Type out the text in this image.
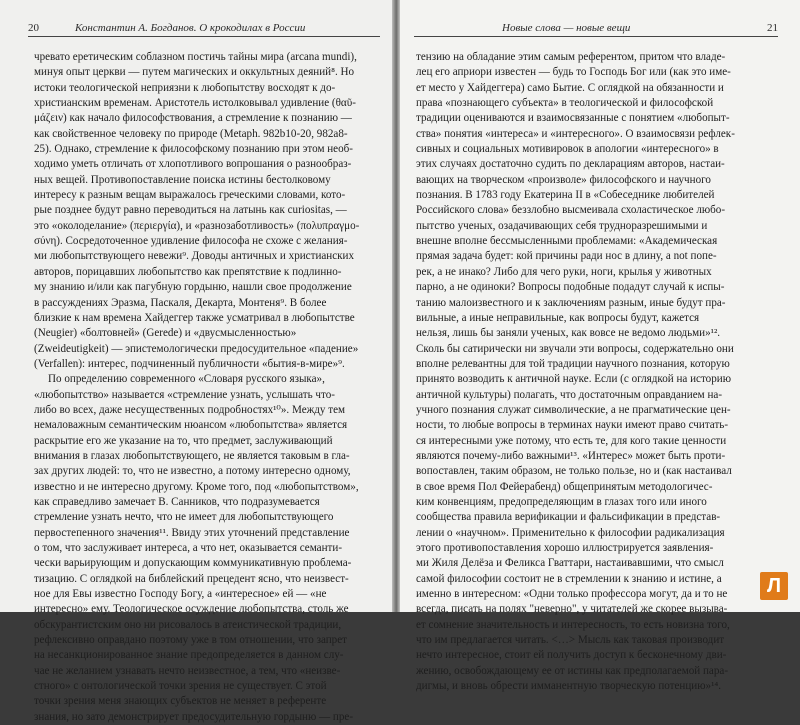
20	Константин А. Богданов. О крокодилах в России
чревато еретическим соблазном постичь тайны мира (arcana mundi),
минуя опыт церкви — путем магических и оккультных деяний⁸. Но
истоки теологической неприязни к любопытству восходят к до-
христианским временам. Аристотель истолковывал удивление (θαῦ-
μάζειν) как начало философствования, а стремление к познанию —
как свойственное человеку по природе (Metaph. 982b10-20, 982a8-
25). Однако, стремление к философскому познанию при этом необ-
ходимо уметь отличать от хлопотливого вопрошания о разнообраз-
ных вещей. Противопоставление поиска истины бестолковому
интересу к разным вещам выражалось греческими словами, кото-
рые позднее будут равно переводиться на латынь как curiositas, —
это «околоделание» (περιεργία), и «разнозаботливость» (πολυπραγμο-
σύνη). Сосредоточенное удивление философа не схоже с желания-
ми любопытствующего невежи⁹. Доводы античных и христианских
авторов, порицавших любопытство как препятствие к подлинно-
му знанию и/или как пагубную гордыню, нашли свое продолжение
в рассуждениях Эразма, Паскаля, Декарта, Монтеня⁹. В более
близкие к нам времена Хайдеггер также усматривал в любопытстве
(Neugier) «болтовней» (Gerede) и «двусмысленностью»
(Zweideutigkeit) — эпистемологически предосудительное «падение»
(Verfallen): интерес, подчиненный публичности «бытия-в-мире»⁹.
По определению современного «Словаря русского языка»,
«любопытство» называется «стремление узнать, услышать что-
либо во всех, даже несущественных подробностях¹⁰». Между тем
немаловажным семантическим нюансом «любопытства» является
раскрытие его же указание на то, что предмет, заслуживающий
внимания в глазах любопытствующего, не является таковым в гла-
зах других людей: то, что не известно, а потому интересно одному,
известно и не интересно другому. Кроме того, под «любопытством»,
как справедливо замечает В. Санников, что подразумевается
стремление узнать нечто, что не имеет для любопытствующего
первостепенного значения¹¹. Ввиду этих уточнений представление
о том, что заслуживает интереса, а что нет, оказывается семанти-
чески варьирующим и допускающим коммуникативную проблема-
тизацию. С оглядкой на библейский прецедент ясно, что неизвест-
ное для Евы известно Господу Богу, а «интересное» ей — «не
интересно» ему. Теологическое осуждение любопытства, столь же
обскурантистским оно ни рисовалось в атеистической традиции,
рефлексивно оправдано поэтому уже в том отношении, что запрет
на несанкционированное знание предопределяется в данном слу-
чае не желанием узнавать нечто неизвестное, а тем, что «неизве-
стного» с онтологической точки зрения не существует. С этой
точки зрения меня знающих субъектов не меняет в референте
знания, но зато демонстрирует предосудительную гордыню — пре-
Новые слова — новые вещи	21
тензию на обладание этим самым референтом, притом что владе-
лец его априори известен — будь то Господь Бог или (как это име-
ет место у Хайдеггера) само Бытие. С оглядкой на обязанности и
права «познающего субъекта» в теологической и философской
традиции оцениваются и взаимосвязанные с понятием «любопыт-
ства» понятия «интереса» и «интересного». О взаимосвязи рефлек-
сивных и социальных мотивировок в апологии «интересного» в
этих случаях достаточно судить по декларациям авторов, настаи-
вающих на творческом «произволе» философского и научного
познания. В 1783 году Екатерина II в «Собеседнике любителей
Российского слова» беззлобно высмеивала схоластическое любо-
пытство ученых, озадачивающих себя трудноразрешимыми и
внешне вполне бессмысленными проблемами: «Академическая
прямая задача будет: кой причины ради нос в длину, а not попе-
рек, а не инако? Либо для чего руки, ноги, крылья у животных
парно, а не одиноки? Вопросы подобные подадут случай к испы-
танию малоизвестного и к заключениям разным, иные будут пра-
вильные, а иные неправильные, как вопросы будут, кажется
нельзя, лишь бы заняли ученых, как вовсе не ведомо людьми»¹².
Сколь бы сатирически ни звучали эти вопросы, содержательно они
вполне релевантны для той традиции научного познания, которую
принято возводить к античной науке. Если (с оглядкой на историю
античной культуры) полагать, что достаточным оправданием на-
учного познания служат символические, а не прагматические цен-
ности, то любые вопросы в терминах науки имеют право считать-
ся интересными уже потому, что есть те, для кого такие ценности
являются почему-либо важными¹³. «Интерес» может быть проти-
вопоставлен, таким образом, не только пользе, но и (как настаивал
в свое время Пол Фейерабенд) общепринятым методологичес-
ким конвенциям, предопределяющим в глазах того или иного
сообщества правила верификации и фальсификации в представ-
лении о «научном». Применительно к философии радикализация
этого противопоставления хорошо иллюстрируется заявления-
ми Жиля Делёза и Феликса Гваттари, настаивавшими, что смысл
самой философии состоит не в стремлении к знанию и истине, а
именно в интересном: «Одни только профессора могут, да и то не
всегда, писать на полях "неверно", у читателей же скорее вызыва-
ет сомнение значительность и интересность, то есть новизна того,
что им предлагается читать. <…> Мысль как таковая производит
нечто интересное, стоит ей получить доступ к бесконечному дви-
жению, освобождающему ее от истины как предполагаемой пара-
дигмы, и вновь обрести имманентную творческую потенцию»¹⁴.
Л
